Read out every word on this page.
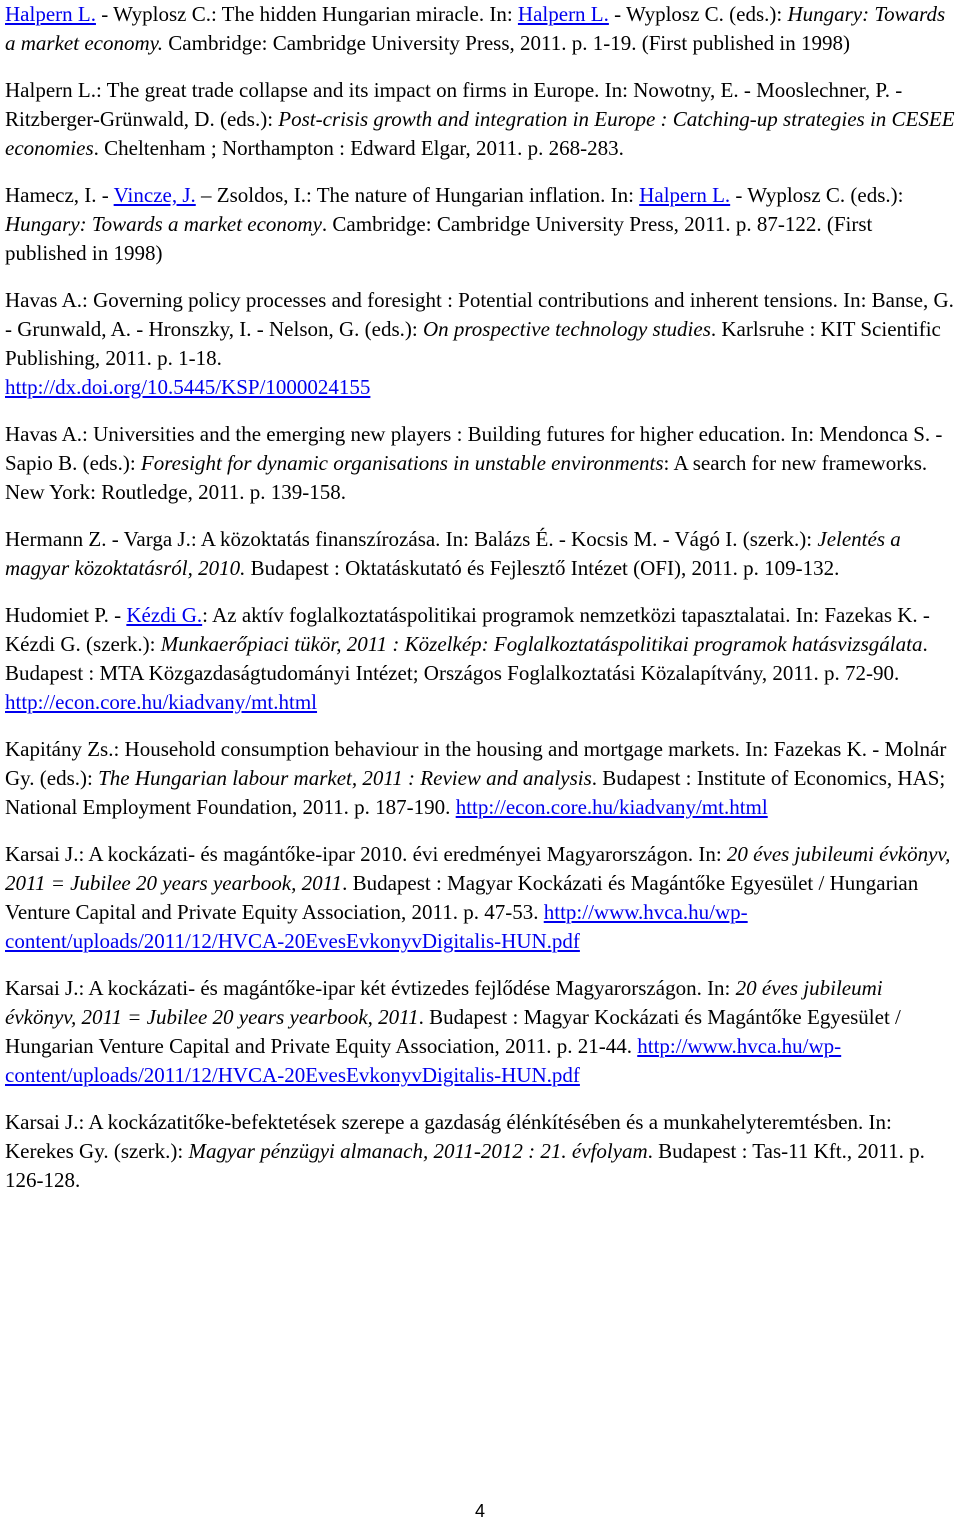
Halpern L. - Wyplosz C.: The hidden Hungarian miracle. In: Halpern L. - Wyplosz C. (eds.): Hungary: Towards a market economy. Cambridge: Cambridge University Press, 2011. p. 1-19. (First published in 1998)

Halpern L.: The great trade collapse and its impact on firms in Europe. In: Nowotny, E. - Mooslechner, P. - Ritzberger-Grünwald, D. (eds.): Post-crisis growth and integration in Europe : Catching-up strategies in CESEE economies. Cheltenham ; Northampton : Edward Elgar, 2011. p. 268-283.

Hamecz, I. - Vincze, J. – Zsoldos, I.: The nature of Hungarian inflation. In: Halpern L. - Wyplosz C. (eds.): Hungary: Towards a market economy. Cambridge: Cambridge University Press, 2011. p. 87-122. (First published in 1998)

Havas A.: Governing policy processes and foresight : Potential contributions and inherent tensions. In: Banse, G. - Grunwald, A. - Hronszky, I. - Nelson, G. (eds.): On prospective technology studies. Karlsruhe : KIT Scientific Publishing, 2011. p. 1-18.
http://dx.doi.org/10.5445/KSP/1000024155

Havas A.: Universities and the emerging new players : Building futures for higher education. In: Mendonca S. - Sapio B. (eds.): Foresight for dynamic organisations in unstable environments: A search for new frameworks. New York: Routledge, 2011. p. 139-158.

Hermann Z. - Varga J.: A közoktatás finanszírozása. In: Balázs É. - Kocsis M. - Vágó I. (szerk.): Jelentés a magyar közoktatásról, 2010. Budapest : Oktatáskutató és Fejlesztő Intézet (OFI), 2011. p. 109-132.

Hudomiet P. - Kézdi G.: Az aktív foglalkoztatáspolitikai programok nemzetközi tapasztalatai. In: Fazekas K. - Kézdi G. (szerk.): Munkaerőpiaci tükör, 2011 : Közelkép: Foglalkoztatáspolitikai programok hatásvizsgálata. Budapest : MTA Közgazdaságtudományi Intézet; Országos Foglalkoztatási Közalapítvány, 2011. p. 72-90.
http://econ.core.hu/kiadvany/mt.html

Kapitány Zs.: Household consumption behaviour in the housing and mortgage markets. In: Fazekas K. - Molnár Gy. (eds.): The Hungarian labour market, 2011 : Review and analysis. Budapest : Institute of Economics, HAS; National Employment Foundation, 2011. p. 187-190. http://econ.core.hu/kiadvany/mt.html

Karsai J.: A kockázati- és magántőke-ipar 2010. évi eredményei Magyarországon. In: 20 éves jubileumi évkönyv, 2011 = Jubilee 20 years yearbook, 2011. Budapest : Magyar Kockázati és Magántőke Egyesület / Hungarian Venture Capital and Private Equity Association, 2011. p. 47-53. http://www.hvca.hu/wp-content/uploads/2011/12/HVCA-20EvesEvkonyvDigitalis-HUN.pdf

Karsai J.: A kockázati- és magántőke-ipar két évtizedes fejlődése Magyarországon. In: 20 éves jubileumi évkönyv, 2011 = Jubilee 20 years yearbook, 2011. Budapest : Magyar Kockázati és Magántőke Egyesület / Hungarian Venture Capital and Private Equity Association, 2011. p. 21-44. http://www.hvca.hu/wp-content/uploads/2011/12/HVCA-20EvesEvkonyvDigitalis-HUN.pdf

Karsai J.: A kockázatitőke-befektetések szerepe a gazdaság élénkítésében és a munkahelyteremtésben. In: Kerekes Gy. (szerk.): Magyar pénzügyi almanach, 2011-2012 : 21. évfolyam. Budapest : Tas-11 Kft., 2011. p. 126-128.

4
